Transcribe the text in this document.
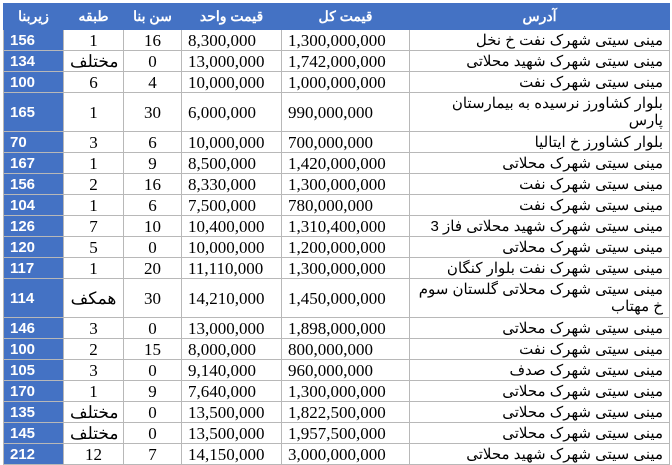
زیربنا	طبقه	سن بنا	قیمت واحد	قیمت کل	آدرس
156	1	16	8,300,000	1,300,000,000	مینی سیتی شهرک نفت خ نخل
134	مختلف	0	13,000,000	1,742,000,000	مینی سیتی شهرک شهید محلاتی
100	6	4	10,000,000	1,000,000,000	مینی سیتی شهرک نفت
165	1	30	6,000,000	990,000,000	بلوار کشاورز نرسیده به بیمارستان پارس
70	3	6	10,000,000	700,000,000	بلوار کشاورز خ ایتالیا
167	1	9	8,500,000	1,420,000,000	مینی سیتی شهرک محلاتی
156	2	16	8,330,000	1,300,000,000	مینی سیتی شهرک نفت
104	1	6	7,500,000	780,000,000	مینی سیتی شهرک نفت
126	7	10	10,400,000	1,310,400,000	مینی سیتی شهرک شهید محلاتی فاز 3
120	5	0	10,000,000	1,200,000,000	مینی سیتی شهرک محلاتی
117	1	20	11,110,000	1,300,000,000	مینی سیتی شهرک نفت بلوار کنگان
114	همکف	30	14,210,000	1,450,000,000	مینی سیتی شهرک محلاتی گلستان سوم خ مهتاب
146	3	0	13,000,000	1,898,000,000	مینی سیتی شهرک محلاتی
100	2	15	8,000,000	800,000,000	مینی سیتی شهرک نفت
105	3	0	9,140,000	960,000,000	مینی سیتی شهرک صدف
170	1	9	7,640,000	1,300,000,000	مینی سیتی شهرک محلاتی
135	مختلف	0	13,500,000	1,822,500,000	مینی سیتی شهرک محلاتی
145	مختلف	0	13,500,000	1,957,500,000	مینی سیتی شهرک محلاتی
212	12	7	14,150,000	3,000,000,000	مینی سیتی شهرک شهید محلاتی
